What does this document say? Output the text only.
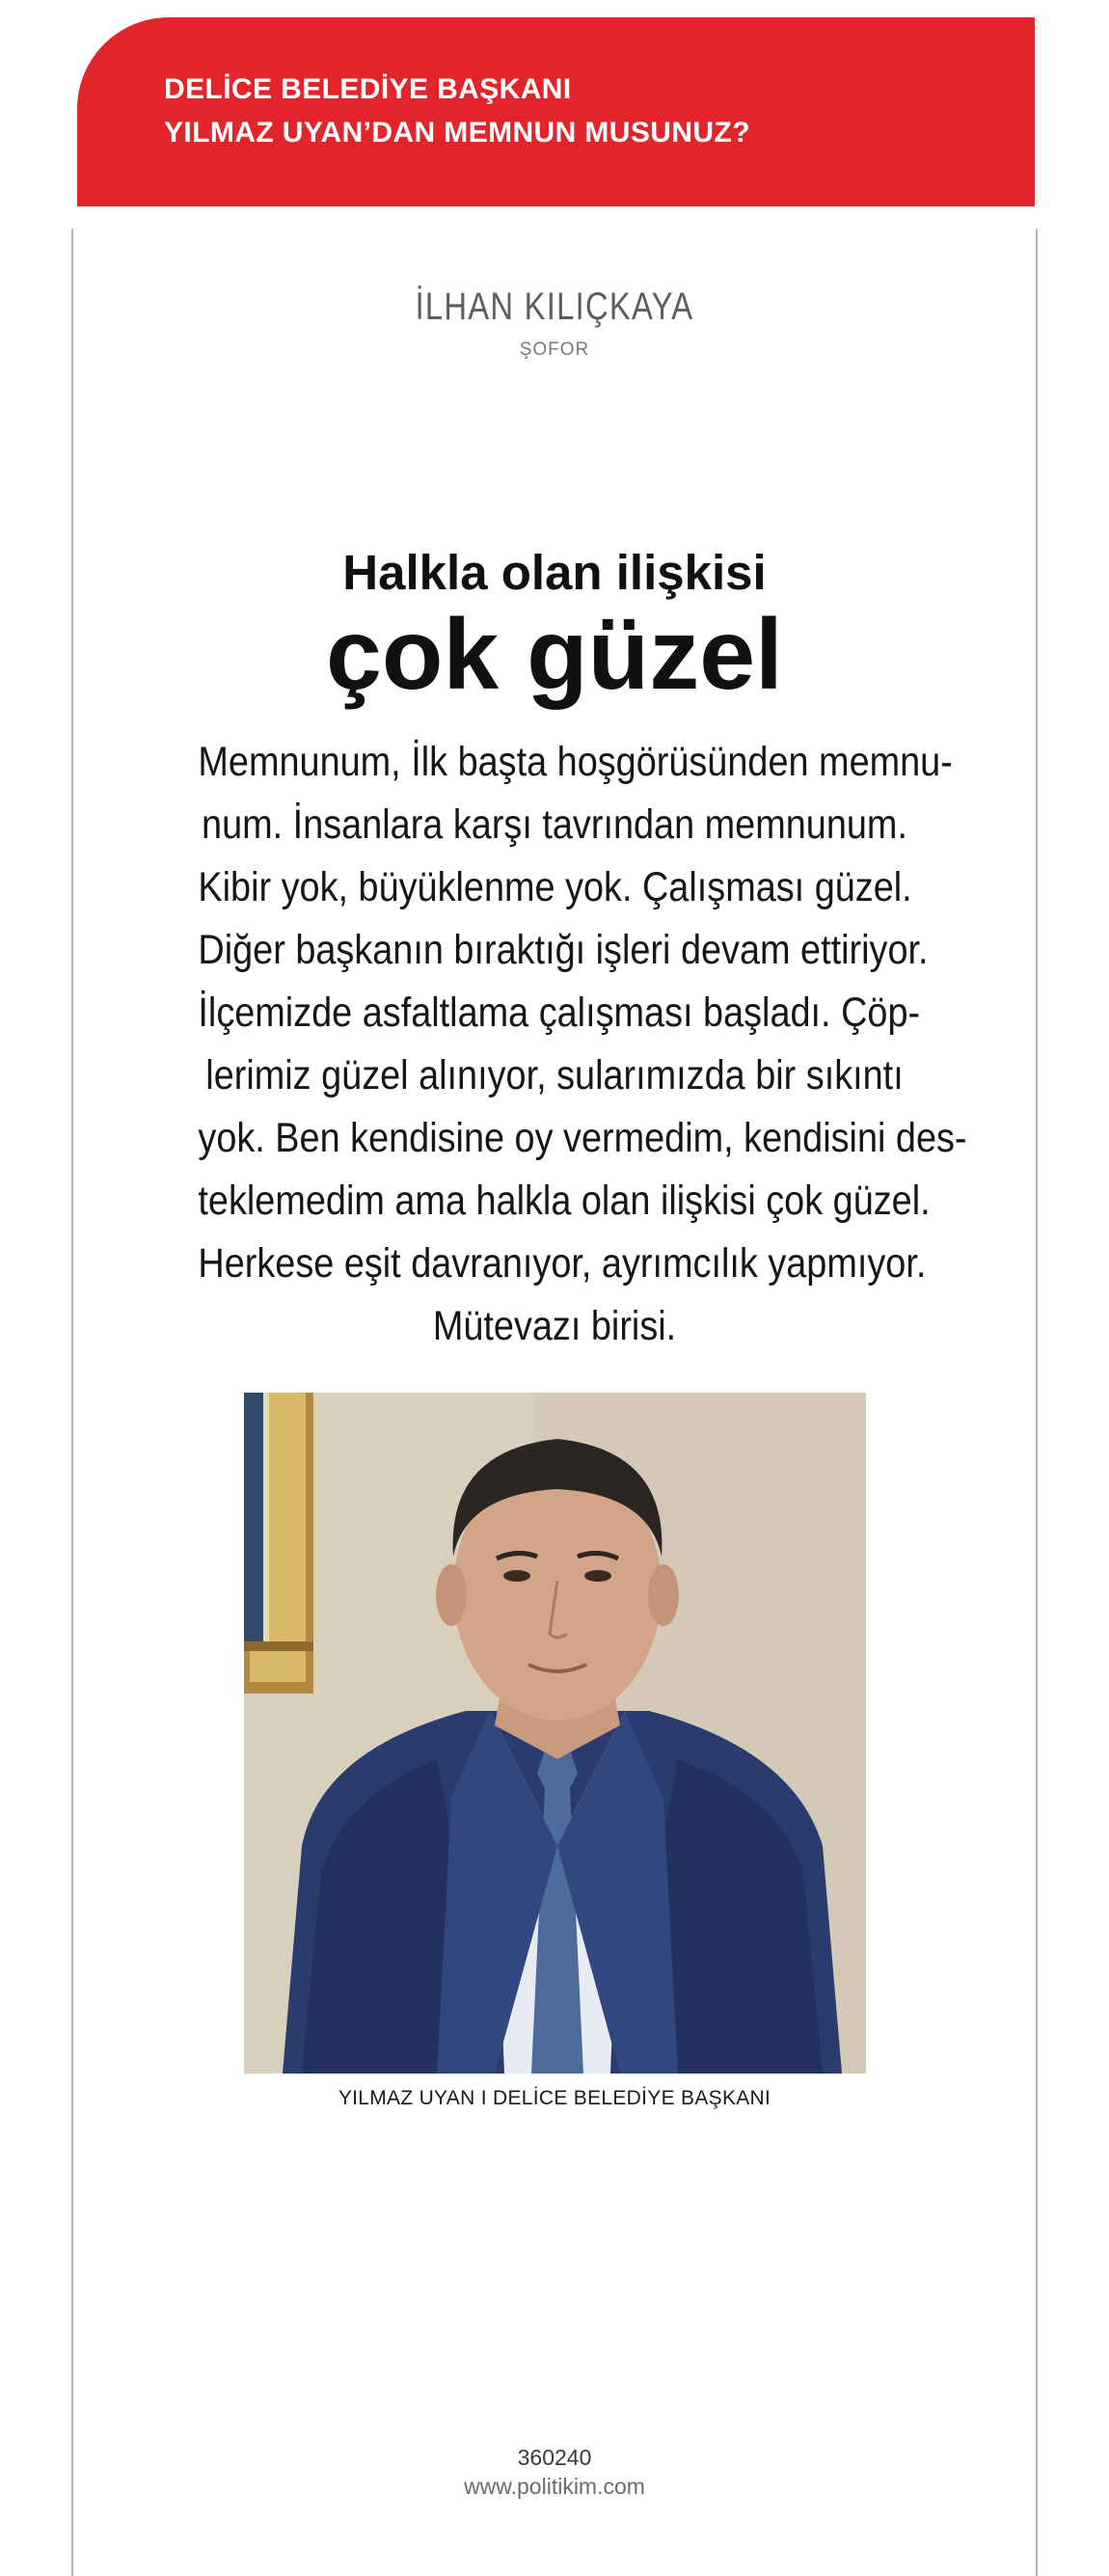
DELİCE BELEDİYE BAŞKANI
YILMAZ UYAN’DAN MEMNUN MUSUNUZ?
İLHAN KILIÇKAYA
ŞOFOR
Halkla olan ilişkisi
çok güzel
Memnunum, İlk başta hoşgörüsünden memnu-
num. İnsanlara karşı tavrından memnunum.
Kibir yok, büyüklenme yok. Çalışması güzel.
Diğer başkanın bıraktığı işleri devam ettiriyor.
İlçemizde asfaltlama çalışması başladı. Çöp-
lerimiz güzel alınıyor, sularımızda bir sıkıntı
yok. Ben kendisine oy vermedim, kendisini des-
teklemedim ama halkla olan ilişkisi çok güzel.
Herkese eşit davranıyor, ayrımcılık yapmıyor.
Mütevazı birisi.
YILMAZ UYAN I DELİCE BELEDİYE BAŞKANI
360240
www.politikim.com
